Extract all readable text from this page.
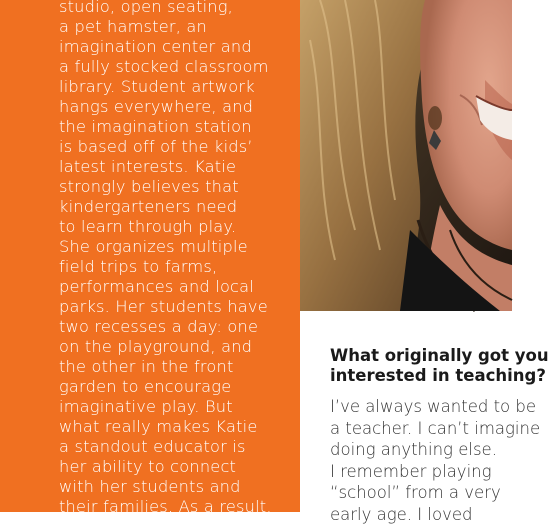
studio, open seating,
a pet hamster, an
imagination center and
a fully stocked classroom
library. Student artwork
hangs everywhere, and
the imagination station
is based off of the kids’
latest interests. Katie
strongly believes that
kindergarteners need
to learn through play.
She organizes multiple
field trips to farms,
performances and local
parks. Her students have
two recesses a day: one
on the playground, and
the other in the front
garden to encourage
imaginative play. But
what really makes Katie
a standout educator is
her ability to connect
with her students and
their families. As a result,

What originally got you
interested in teaching?

I’ve always wanted to be
a teacher. I can’t imagine
doing anything else.
I remember playing
“school” from a very
early age. I loved
